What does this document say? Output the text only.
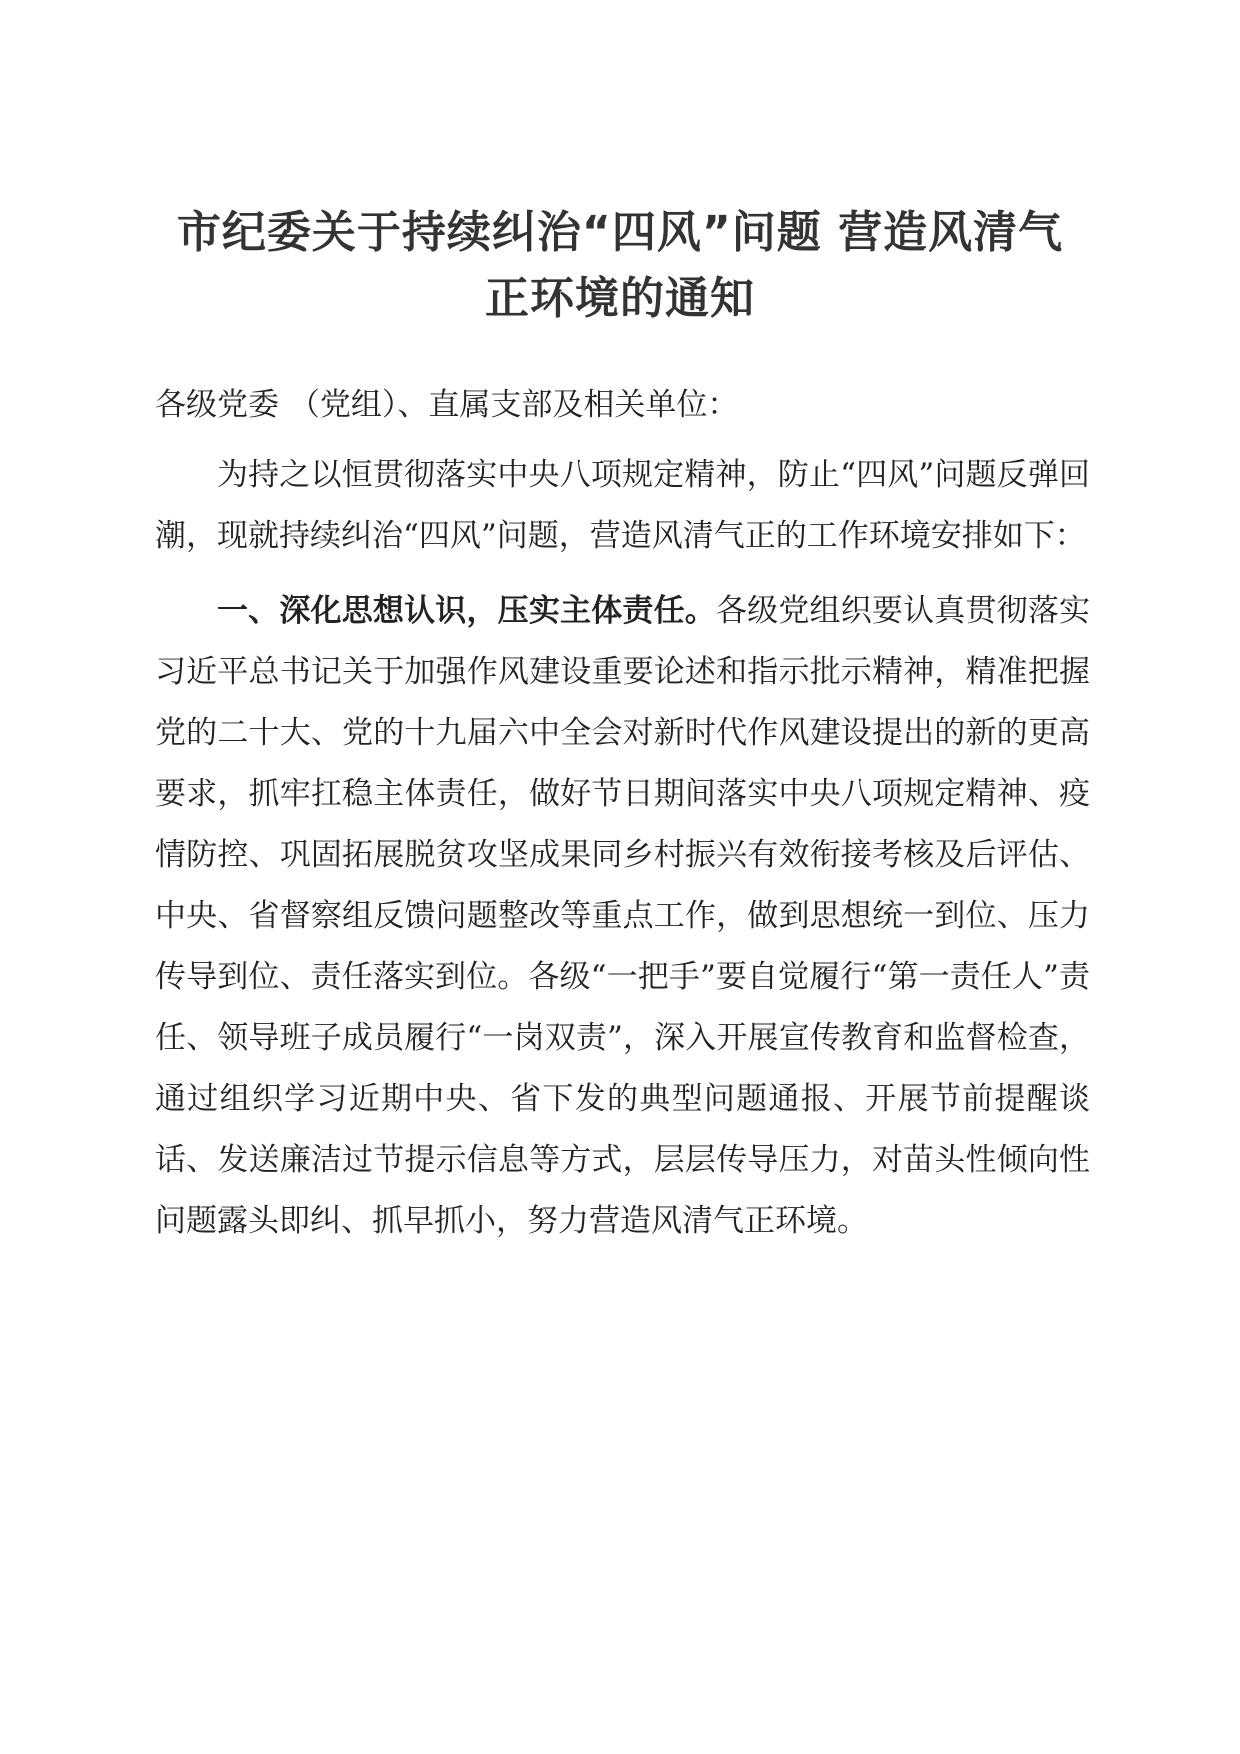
市纪委关于持续纠治“四风”问题 营造风清气
正环境的通知

各级党委 （党组）、直属支部及相关单位：

为持之以恒贯彻落实中央八项规定精神，防止“四风”问题反弹回潮，现就持续纠治“四风”问题，营造风清气正的工作环境安排如下：

一、深化思想认识，压实主体责任。各级党组织要认真贯彻落实习近平总书记关于加强作风建设重要论述和指示批示精神，精准把握党的二十大、党的十九届六中全会对新时代作风建设提出的新的更高要求，抓牢扛稳主体责任，做好节日期间落实中央八项规定精神、疫情防控、巩固拓展脱贫攻坚成果同乡村振兴有效衔接考核及后评估、中央、省督察组反馈问题整改等重点工作，做到思想统一到位、压力传导到位、责任落实到位。各级“一把手”要自觉履行“第一责任人”责任、领导班子成员履行“一岗双责”，深入开展宣传教育和监督检查，通过组织学习近期中央、省下发的典型问题通报、开展节前提醒谈话、发送廉洁过节提示信息等方式，层层传导压力，对苗头性倾向性问题露头即纠、抓早抓小，努力营造风清气正环境。
